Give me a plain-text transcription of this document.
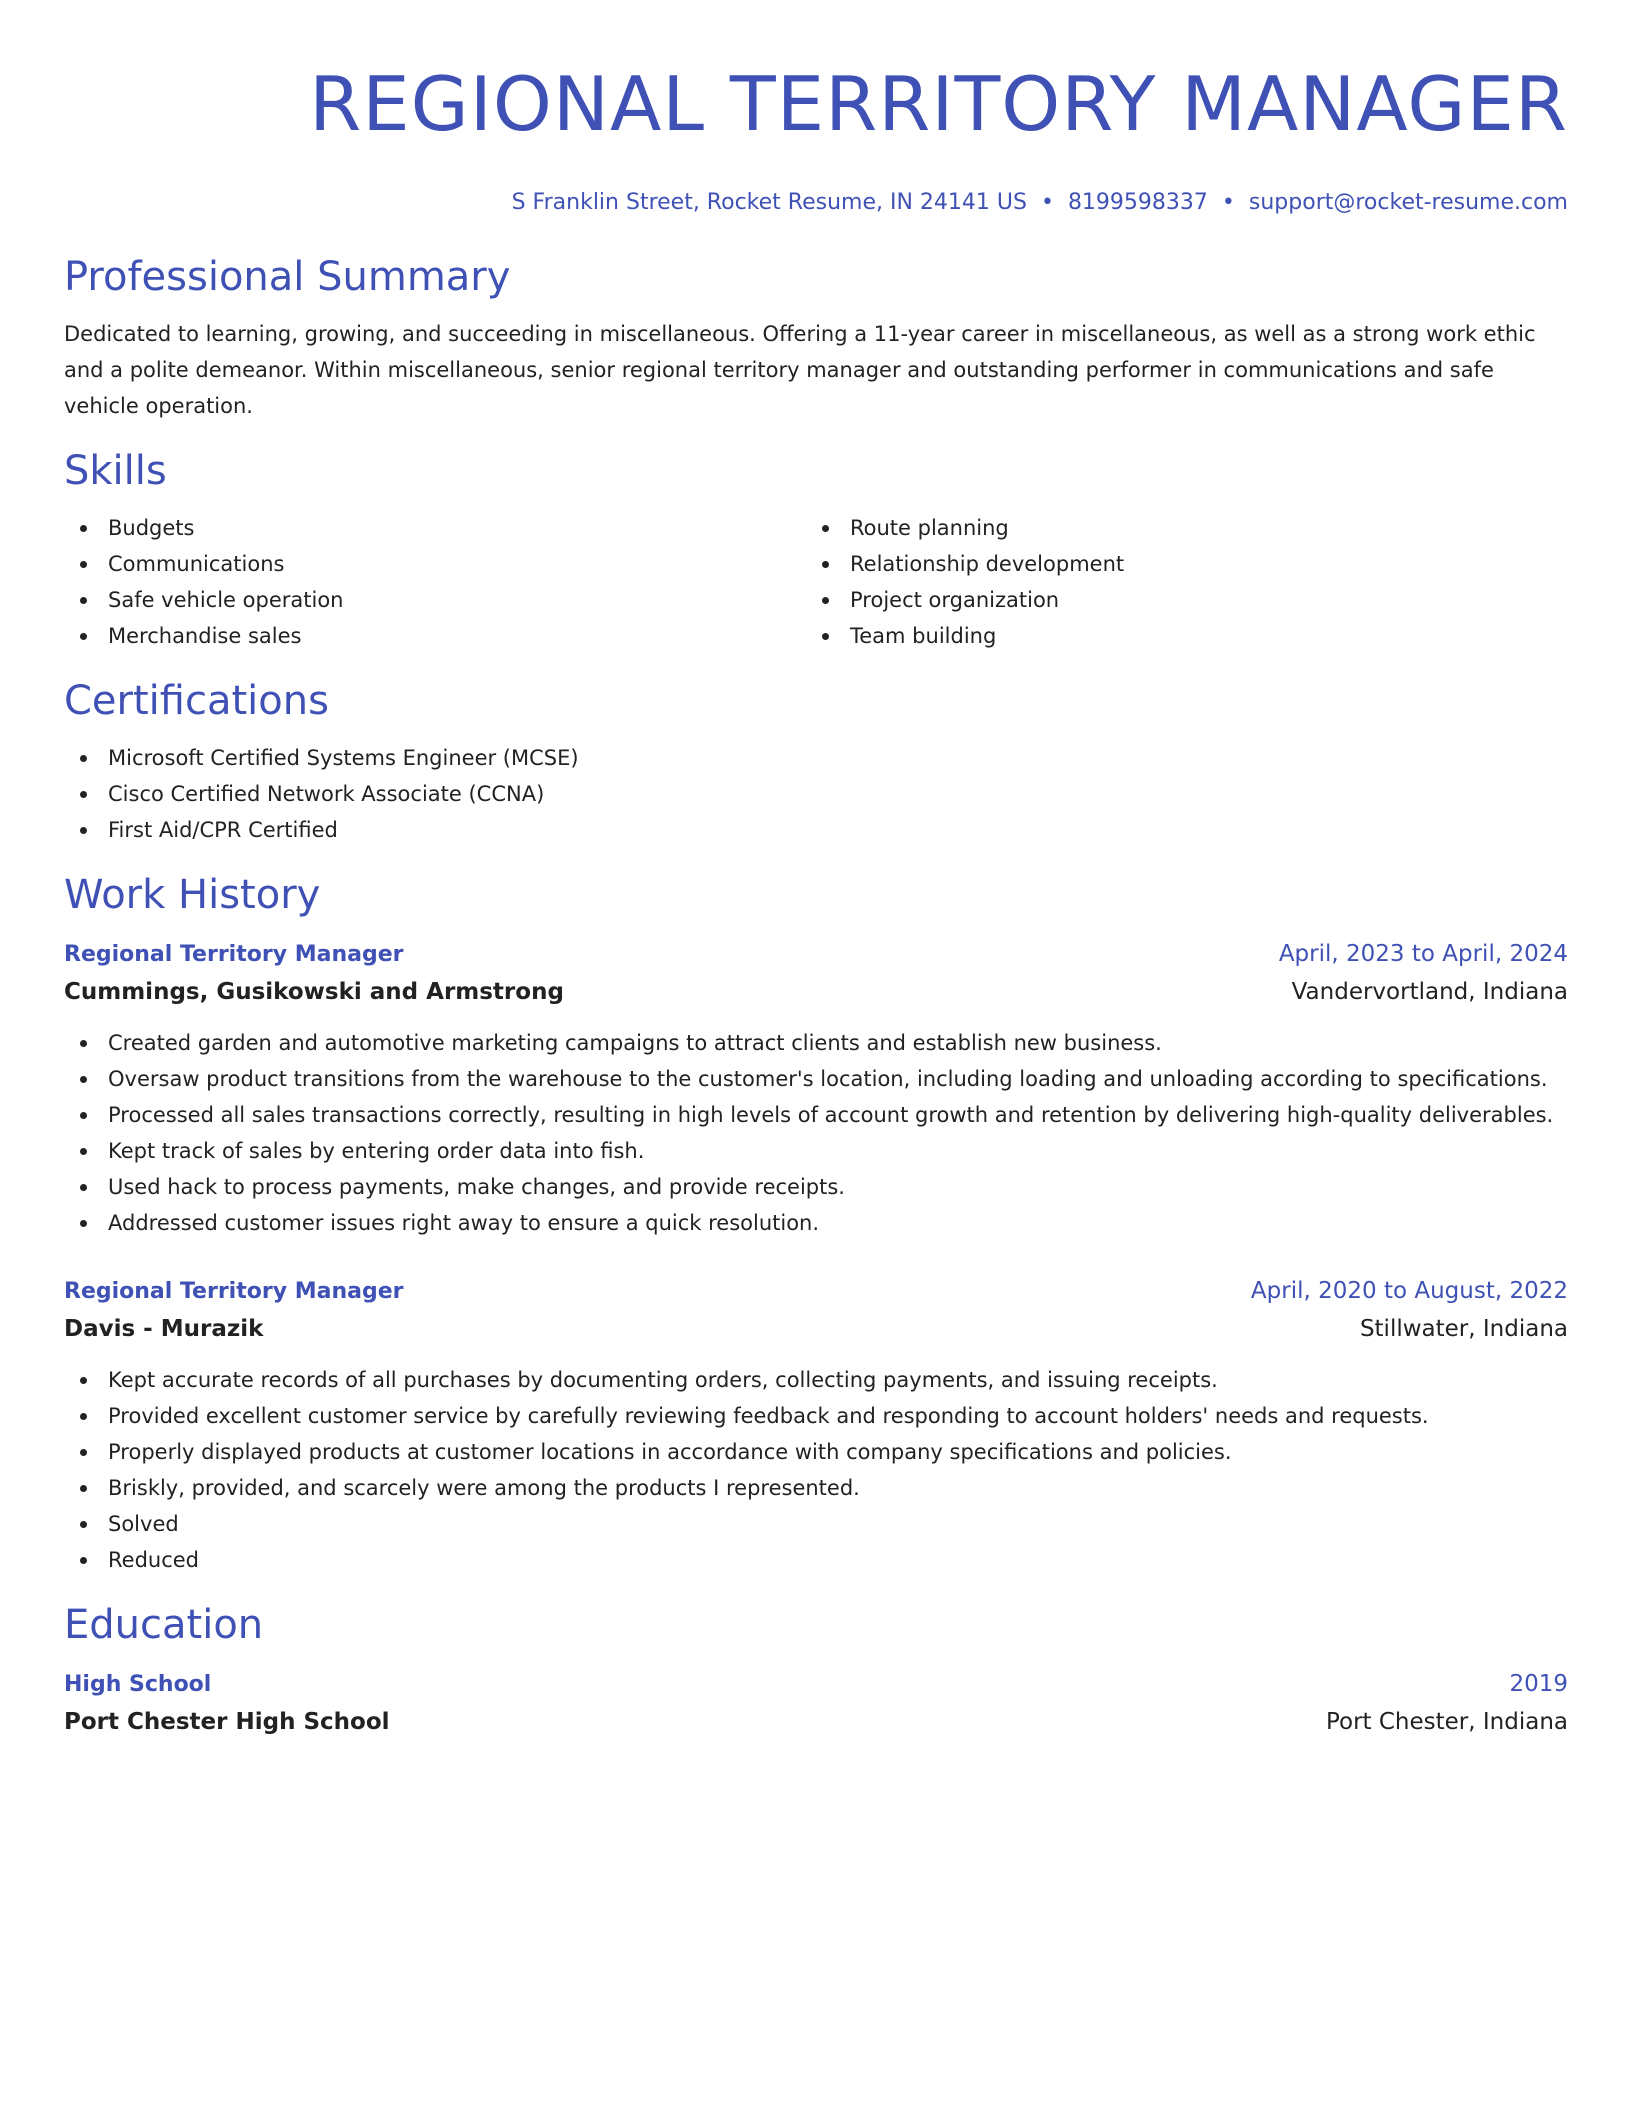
REGIONAL TERRITORY MANAGER
S Franklin Street, Rocket Resume, IN 24141 US • 8199598337 • support@rocket-resume.com
Professional Summary

Dedicated to learning, growing, and succeeding in miscellaneous. Offering a 11-year career in miscellaneous, as well as a strong work ethic and a polite demeanor. Within miscellaneous, senior regional territory manager and outstanding performer in communications and safe vehicle operation.

Skills
Budgets
Communications
Safe vehicle operation
Merchandise sales
Route planning
Relationship development
Project organization
Team building
Certifications
Microsoft Certified Systems Engineer (MCSE)
Cisco Certified Network Associate (CCNA)
First Aid/CPR Certified
Work History
Regional Territory Manager	April, 2023 to April, 2024
Cummings, Gusikowski and Armstrong	Vandervortland, Indiana
Created garden and automotive marketing campaigns to attract clients and establish new business.
Oversaw product transitions from the warehouse to the customer's location, including loading and unloading according to specifications.
Processed all sales transactions correctly, resulting in high levels of account growth and retention by delivering high-quality deliverables.
Kept track of sales by entering order data into fish.
Used hack to process payments, make changes, and provide receipts.
Addressed customer issues right away to ensure a quick resolution.
Regional Territory Manager	April, 2020 to August, 2022
Davis - Murazik	Stillwater, Indiana
Kept accurate records of all purchases by documenting orders, collecting payments, and issuing receipts.
Provided excellent customer service by carefully reviewing feedback and responding to account holders' needs and requests.
Properly displayed products at customer locations in accordance with company specifications and policies.
Briskly, provided, and scarcely were among the products I represented.
Solved
Reduced
Education
High School	2019
Port Chester High School	Port Chester, Indiana
